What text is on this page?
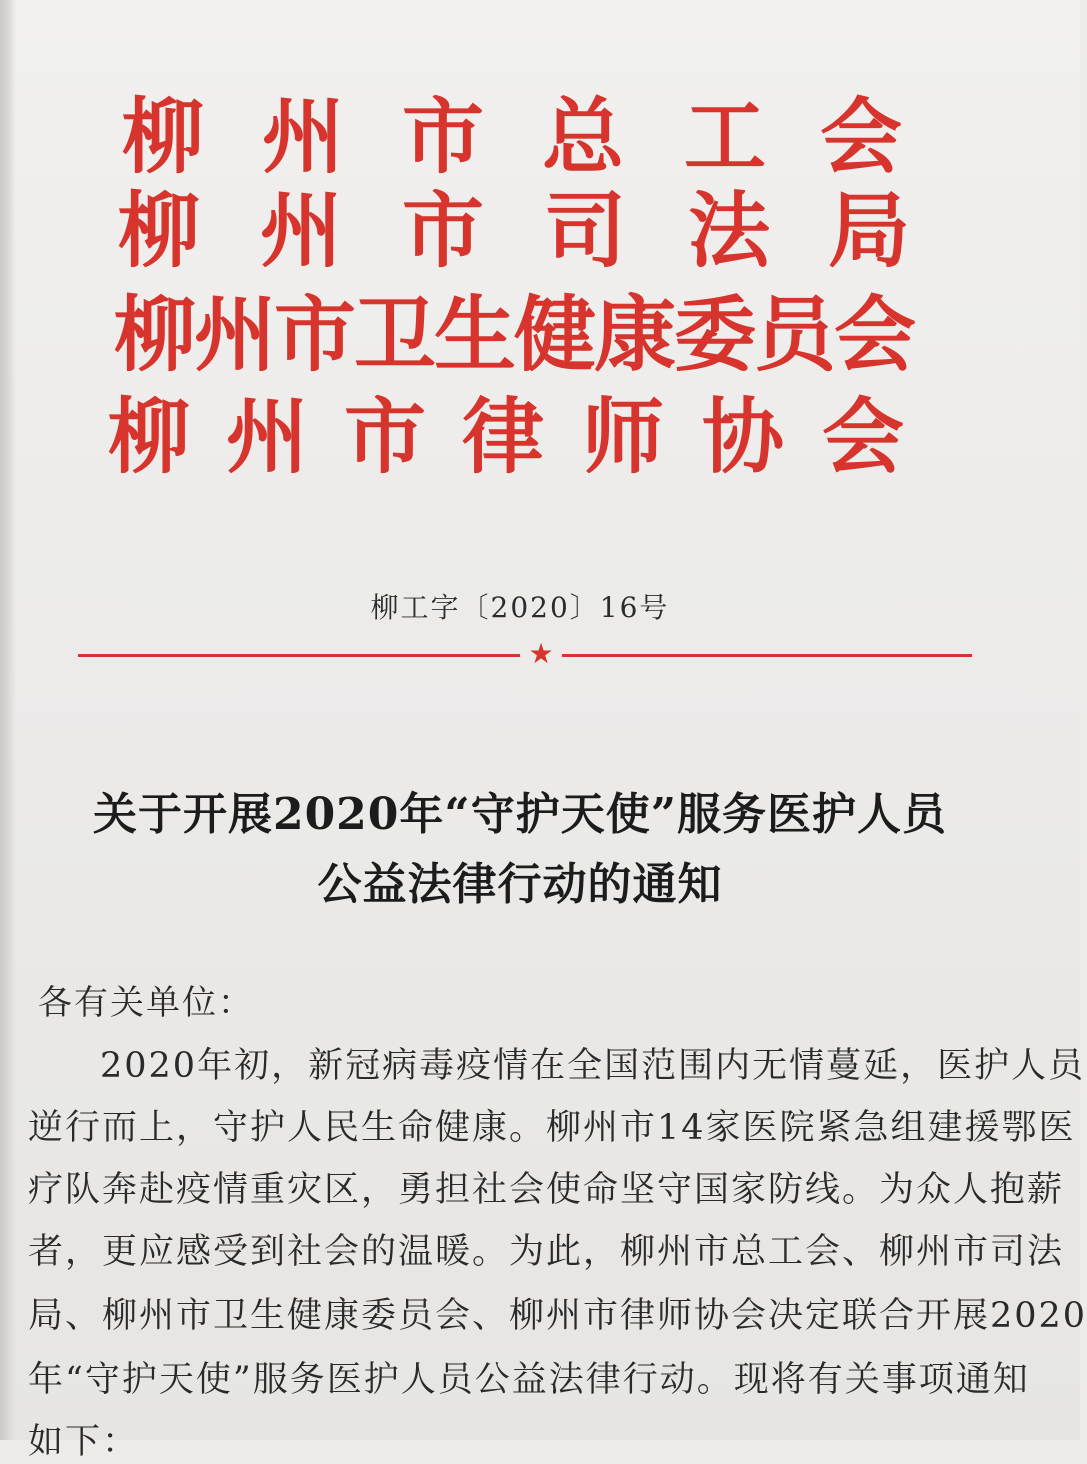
柳 州 市 总 工 会
柳 州 市 司 法 局
柳
州
市
卫
生
健
康
委
员
会
柳 州 市 律 师 协 会
柳工字〔2020〕16号
★
关于开展2020年“守护天使”服务医护人员
公益法律行动的通知
各有关单位：
2020年初，新冠病毒疫情在全国范围内无情蔓延，医护人员
逆行而上，守护人民生命健康。柳州市14家医院紧急组建援鄂医
疗队奔赴疫情重灾区，勇担社会使命坚守国家防线。为众人抱薪
者，更应感受到社会的温暖。为此，柳州市总工会、柳州市司法
局、柳州市卫生健康委员会、柳州市律师协会决定联合开展2020
年“守护天使”服务医护人员公益法律行动。现将有关事项通知
如下：
